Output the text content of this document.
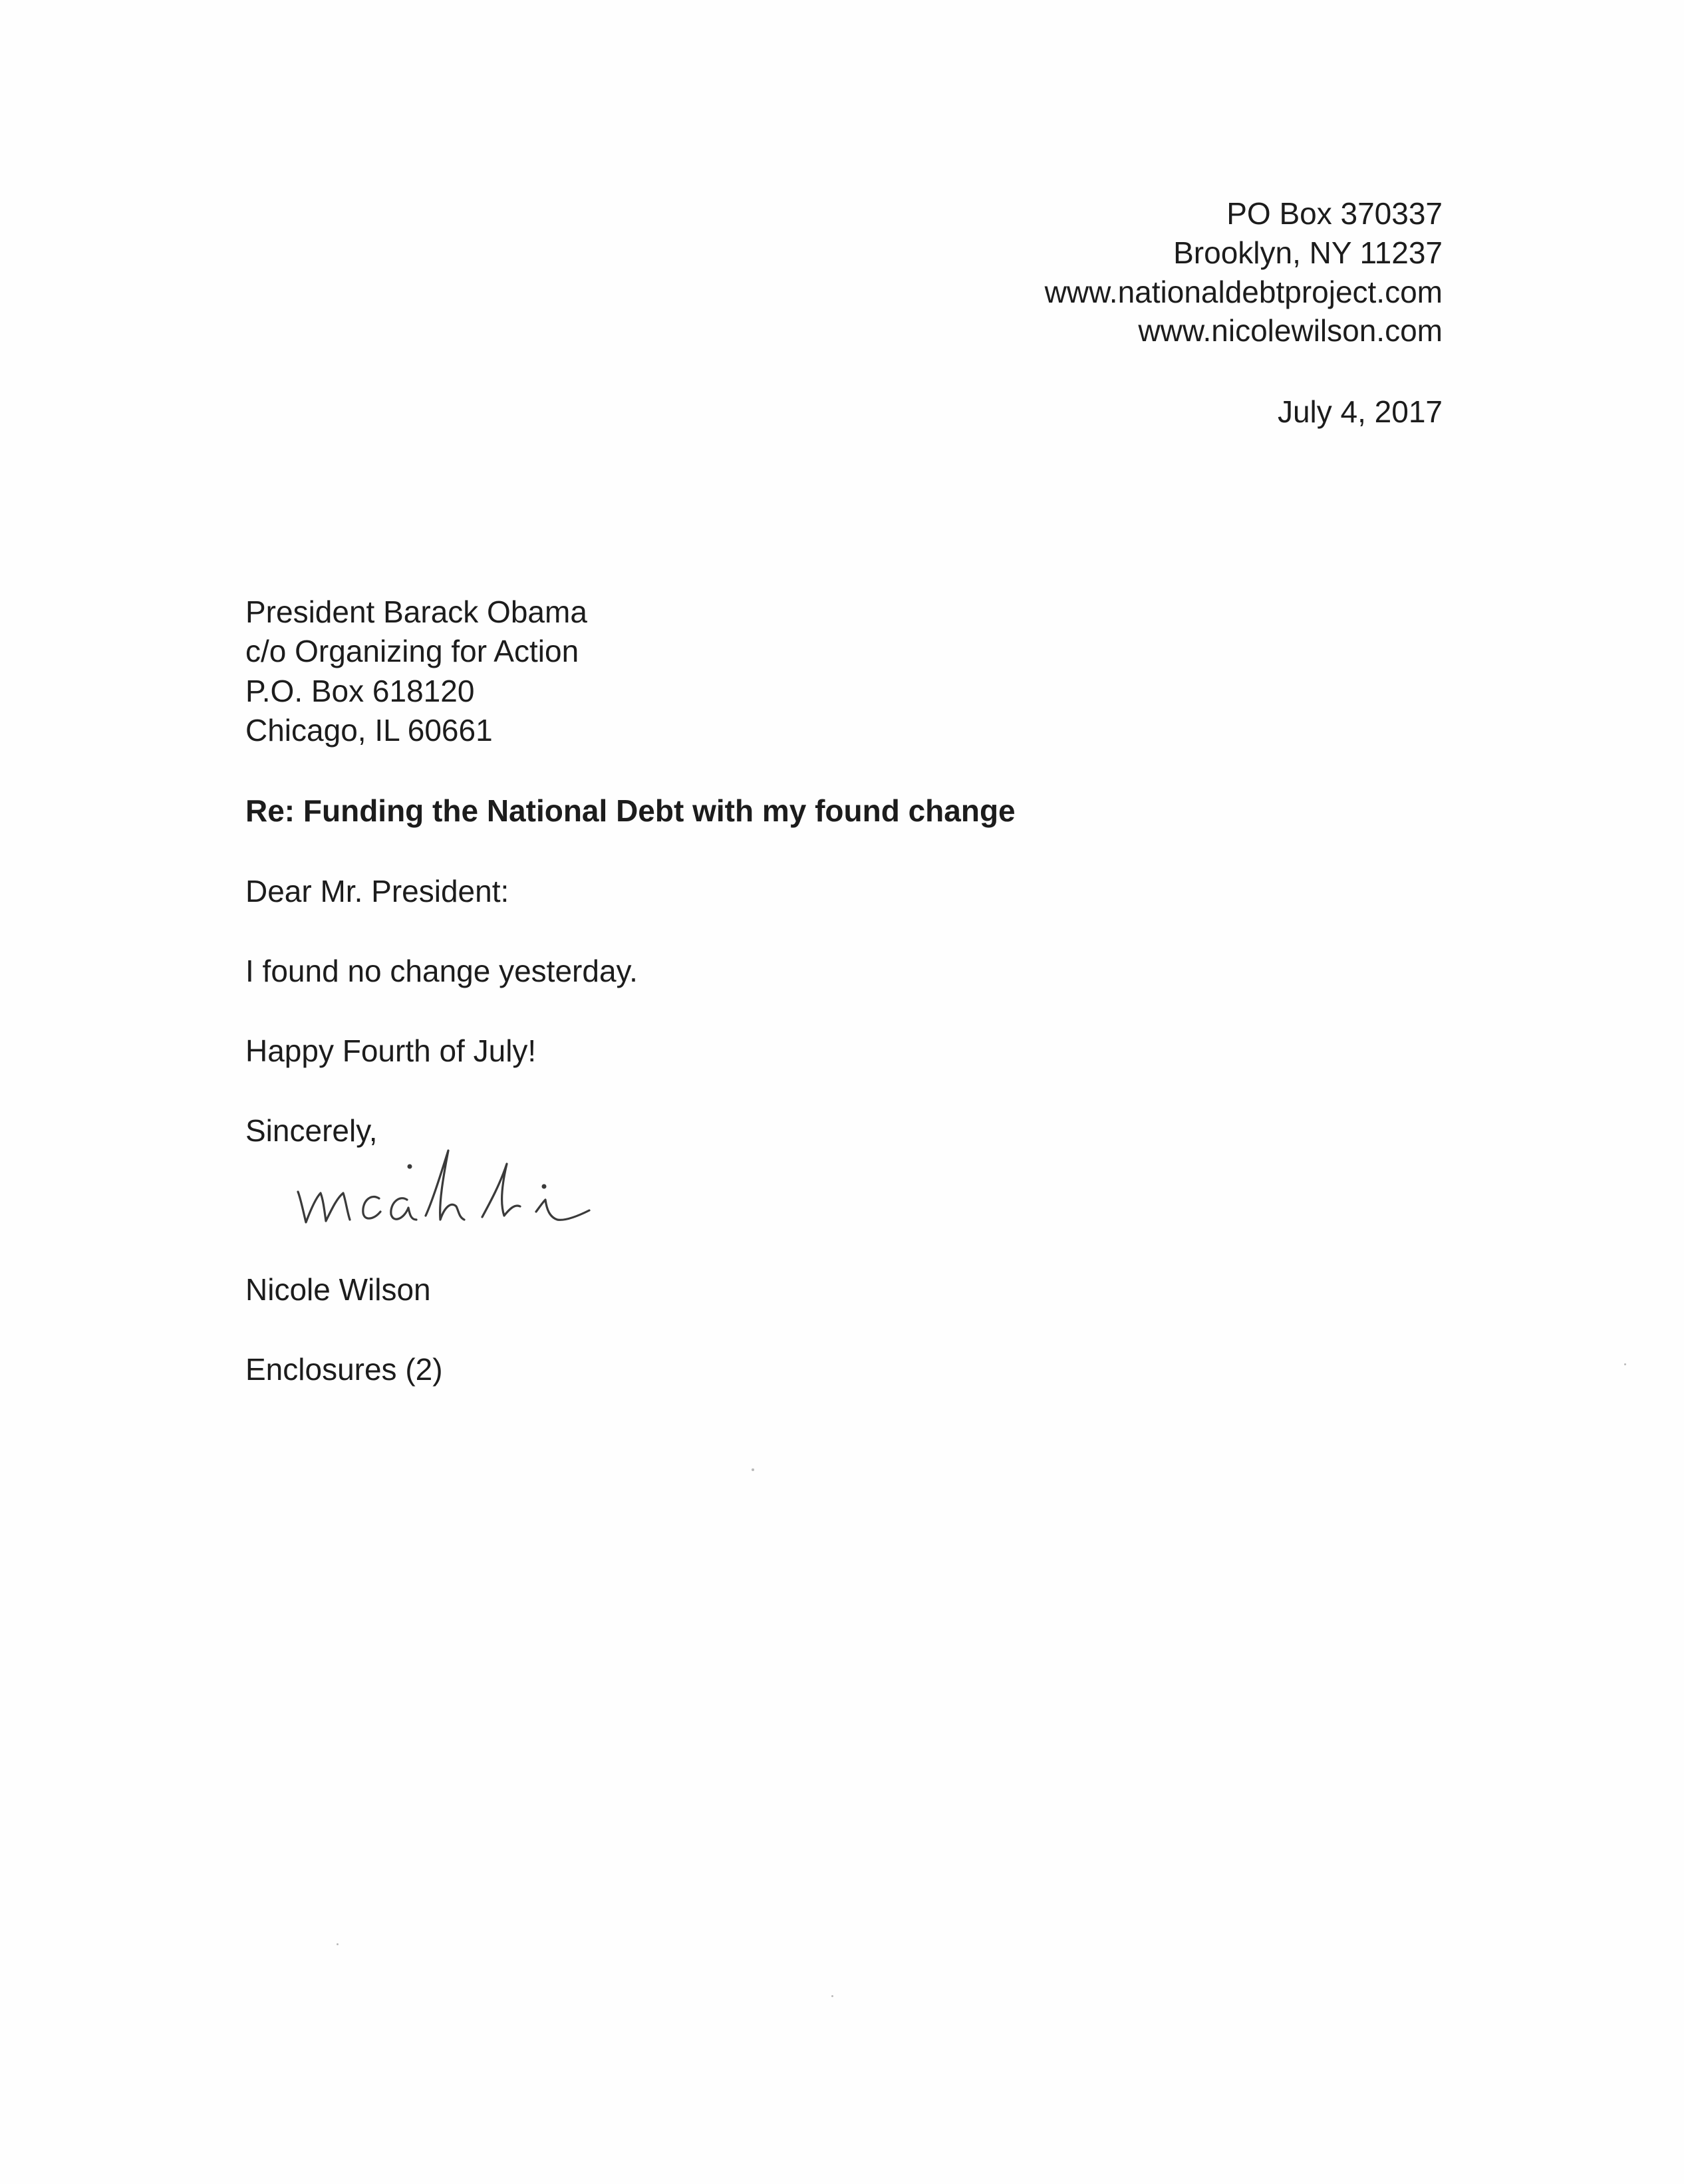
PO Box 370337
Brooklyn, NY 11237
www.nationaldebtproject.com
www.nicolewilson.com
July 4, 2017
President Barack Obama
c/o Organizing for Action
P.O. Box 618120
Chicago, IL 60661
Re: Funding the National Debt with my found change
Dear Mr. President:
I found no change yesterday.
Happy Fourth of July!
Sincerely,
Nicole Wilson
Enclosures (2)
